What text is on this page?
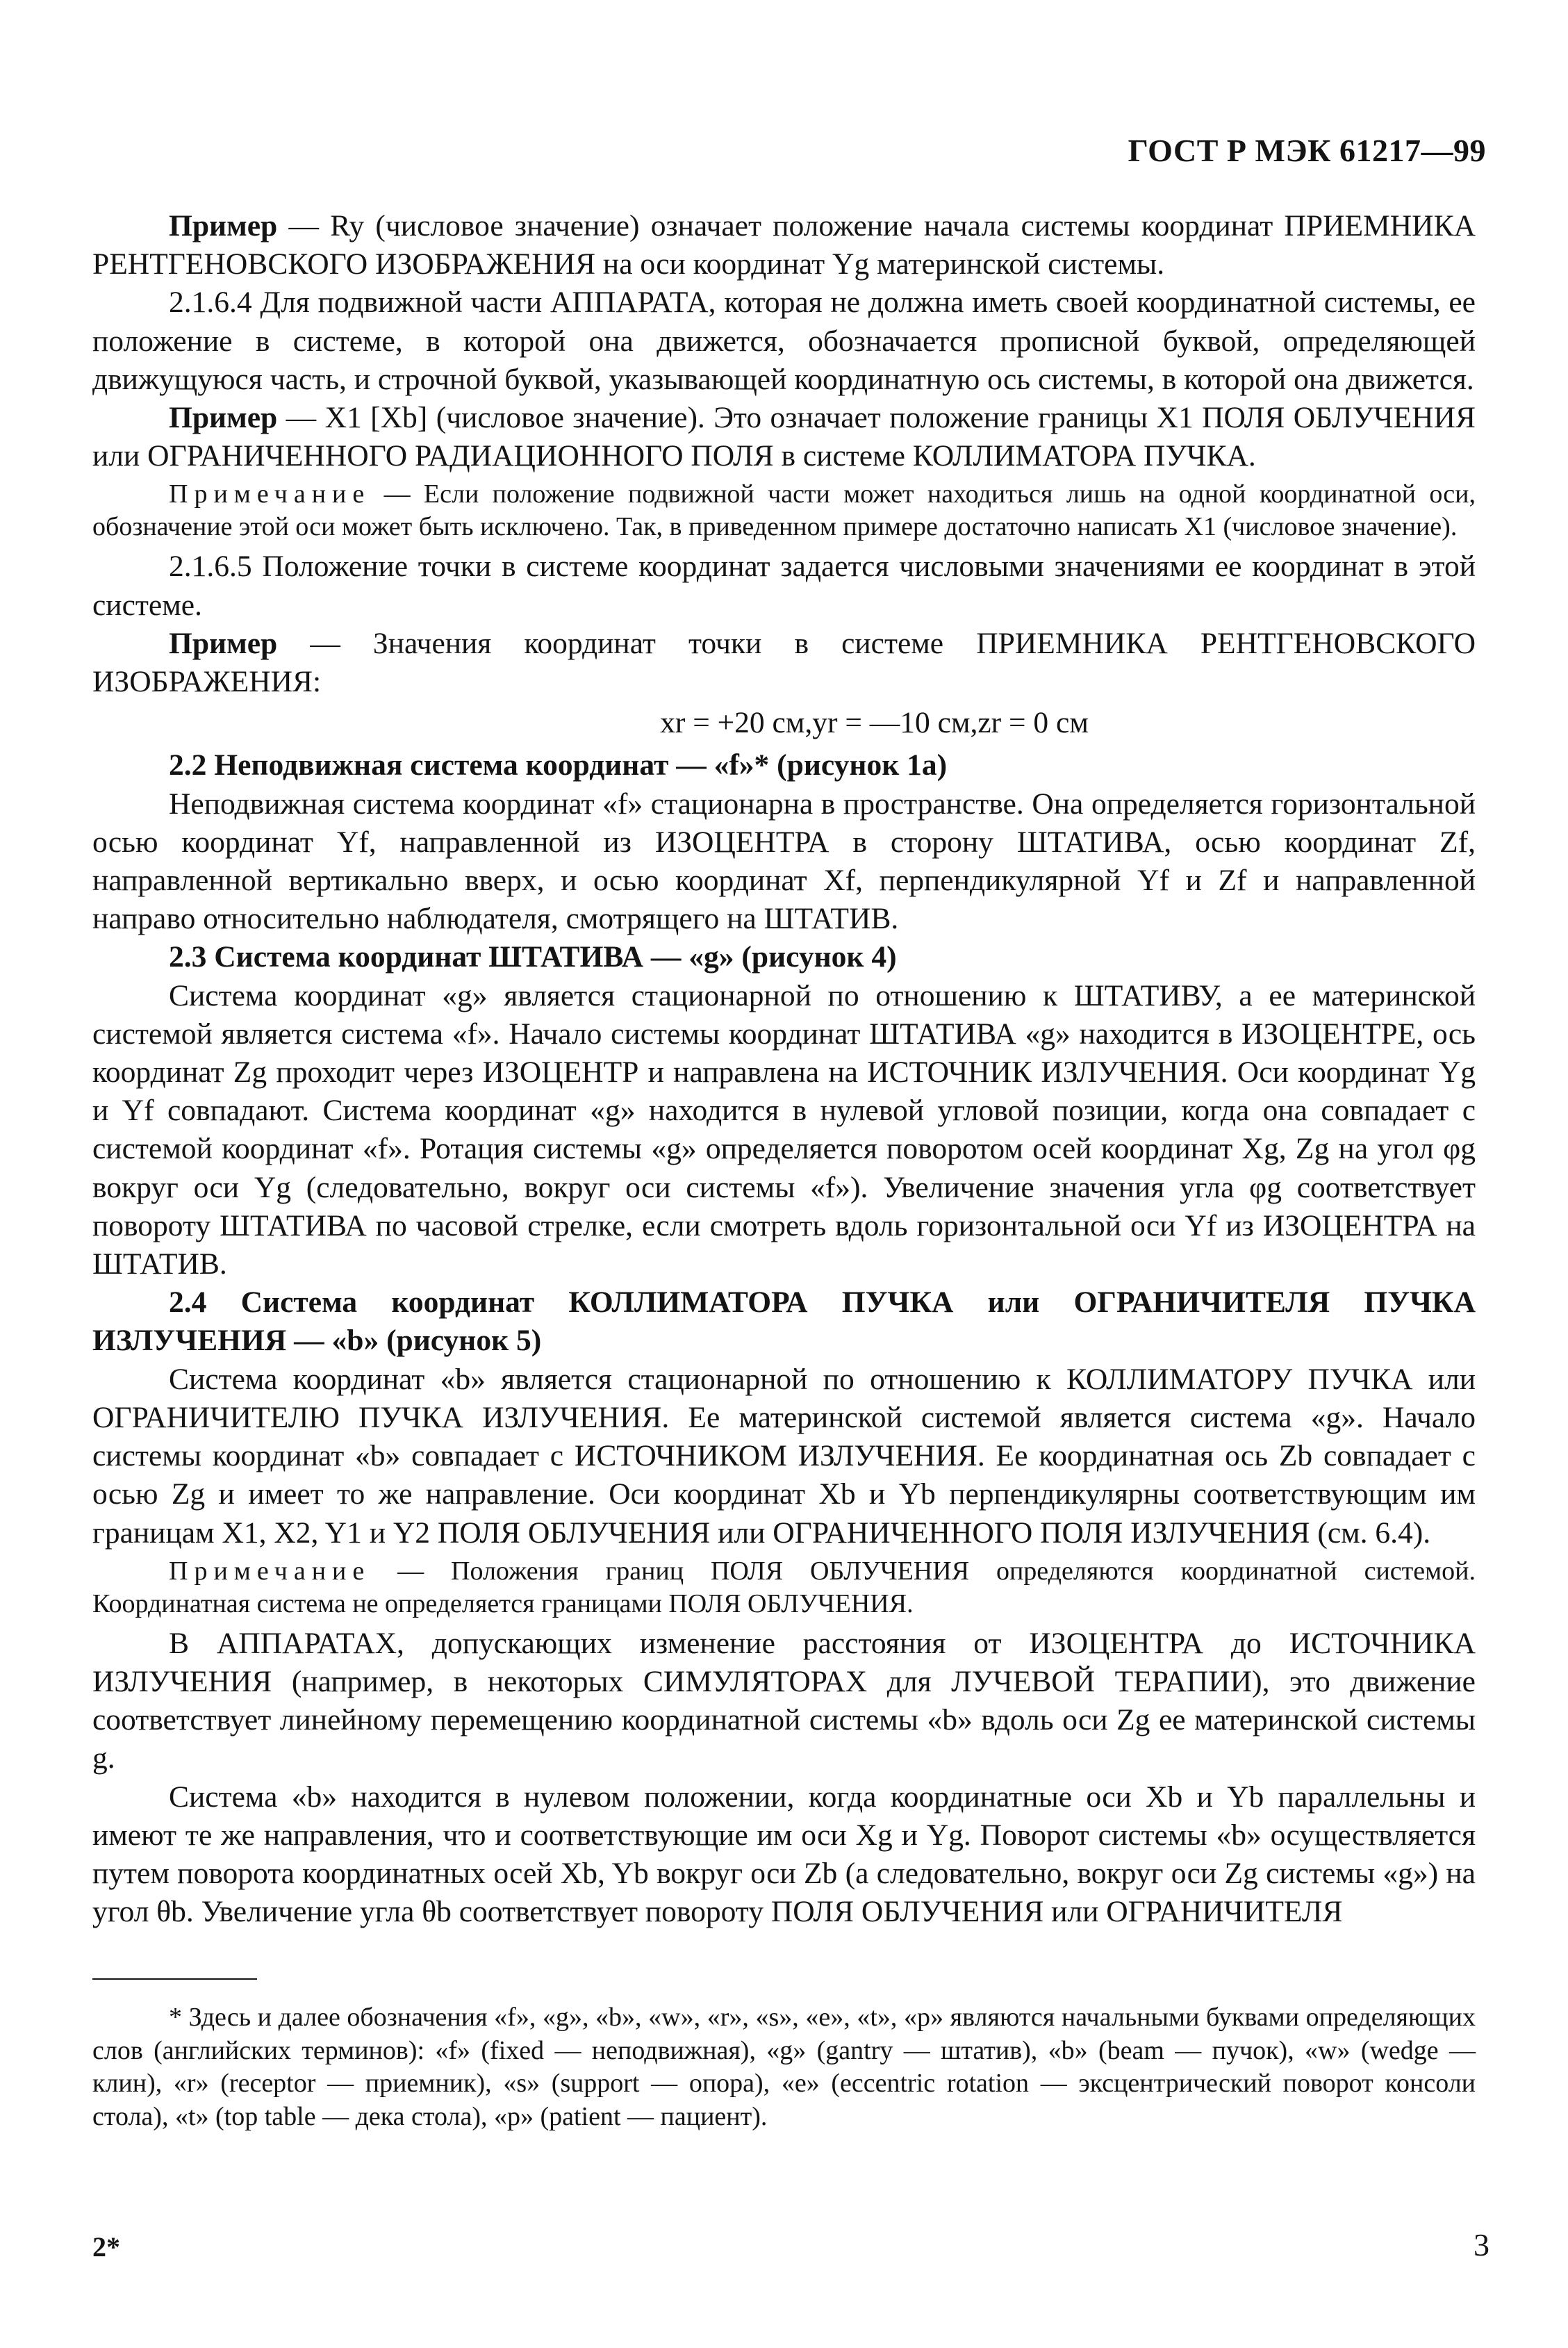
ГОСТ Р МЭК 61217—99

Пример — Ry (числовое значение) означает положение начала системы координат ПРИЕМНИКА РЕНТГЕНОВСКОГО ИЗОБРАЖЕНИЯ на оси координат Yg материнской системы.

2.1.6.4 Для подвижной части АППАРАТА, которая не должна иметь своей координатной системы, ее положение в системе, в которой она движется, обозначается прописной буквой, определяющей движущуюся часть, и строчной буквой, указывающей координатную ось системы, в которой она движется.

Пример — X1 [Xb] (числовое значение). Это означает положение границы X1 ПОЛЯ ОБЛУЧЕНИЯ или ОГРАНИЧЕННОГО РАДИАЦИОННОГО ПОЛЯ в системе КОЛЛИМАТОРА ПУЧКА.

Примечание — Если положение подвижной части может находиться лишь на одной координатной оси, обозначение этой оси может быть исключено. Так, в приведенном примере достаточно написать X1 (числовое значение).

2.1.6.5 Положение точки в системе координат задается числовыми значениями ее координат в этой системе.

Пример — Значения координат точки в системе ПРИЕМНИКА РЕНТГЕНОВСКОГО ИЗОБРАЖЕНИЯ:

xr = +20 см,yr = —10 см,zr = 0 см

2.2 Неподвижная система координат — «f»* (рисунок 1a)

Неподвижная система координат «f» стационарна в пространстве. Она определяется горизонтальной осью координат Yf, направленной из ИЗОЦЕНТРА в сторону ШТАТИВА, осью координат Zf, направленной вертикально вверх, и осью координат Xf, перпендикулярной Yf и Zf и направленной направо относительно наблюдателя, смотрящего на ШТАТИВ.

2.3 Система координат ШТАТИВА — «g» (рисунок 4)

Система координат «g» является стационарной по отношению к ШТАТИВУ, а ее материнской системой является система «f». Начало системы координат ШТАТИВА «g» находится в ИЗОЦЕНТРЕ, ось координат Zg проходит через ИЗОЦЕНТР и направлена на ИСТОЧНИК ИЗЛУЧЕНИЯ. Оси координат Yg и Yf совпадают. Система координат «g» находится в нулевой угловой позиции, когда она совпадает с системой координат «f». Ротация системы «g» определяется поворотом осей координат Xg, Zg на угол φg вокруг оси Yg (следовательно, вокруг оси системы «f»). Увеличение значения угла φg соответствует повороту ШТАТИВА по часовой стрелке, если смотреть вдоль горизонтальной оси Yf из ИЗОЦЕНТРА на ШТАТИВ.

2.4 Система координат КОЛЛИМАТОРА ПУЧКА или ОГРАНИЧИТЕЛЯ ПУЧКА ИЗЛУЧЕНИЯ — «b» (рисунок 5)

Система координат «b» является стационарной по отношению к КОЛЛИМАТОРУ ПУЧКА или ОГРАНИЧИТЕЛЮ ПУЧКА ИЗЛУЧЕНИЯ. Ее материнской системой является система «g». Начало системы координат «b» совпадает с ИСТОЧНИКОМ ИЗЛУЧЕНИЯ. Ее координатная ось Zb совпадает с осью Zg и имеет то же направление. Оси координат Xb и Yb перпендикулярны соответствующим им границам X1, X2, Y1 и Y2 ПОЛЯ ОБЛУЧЕНИЯ или ОГРАНИЧЕННОГО ПОЛЯ ИЗЛУЧЕНИЯ (см. 6.4).

Примечание — Положения границ ПОЛЯ ОБЛУЧЕНИЯ определяются координатной системой. Координатная система не определяется границами ПОЛЯ ОБЛУЧЕНИЯ.

В АППАРАТАХ, допускающих изменение расстояния от ИЗОЦЕНТРА до ИСТОЧНИКА ИЗЛУЧЕНИЯ (например, в некоторых СИМУЛЯТОРАХ для ЛУЧЕВОЙ ТЕРАПИИ), это движение соответствует линейному перемещению координатной системы «b» вдоль оси Zg ее материнской системы g.

Система «b» находится в нулевом положении, когда координатные оси Xb и Yb параллельны и имеют те же направления, что и соответствующие им оси Xg и Yg. Поворот системы «b» осуществляется путем поворота координатных осей Xb, Yb вокруг оси Zb (а следовательно, вокруг оси Zg системы «g») на угол θb. Увеличение угла θb соответствует повороту ПОЛЯ ОБЛУЧЕНИЯ или ОГРАНИЧИТЕЛЯ

* Здесь и далее обозначения «f», «g», «b», «w», «r», «s», «e», «t», «p» являются начальными буквами определяющих слов (английских терминов): «f» (fixed — неподвижная), «g» (gantry — штатив), «b» (beam — пучок), «w» (wedge — клин), «r» (receptor — приемник), «s» (support — опора), «e» (eccentric rotation — эксцентрический поворот консоли стола), «t» (top table — дека стола), «p» (patient — пациент).

2*	3
